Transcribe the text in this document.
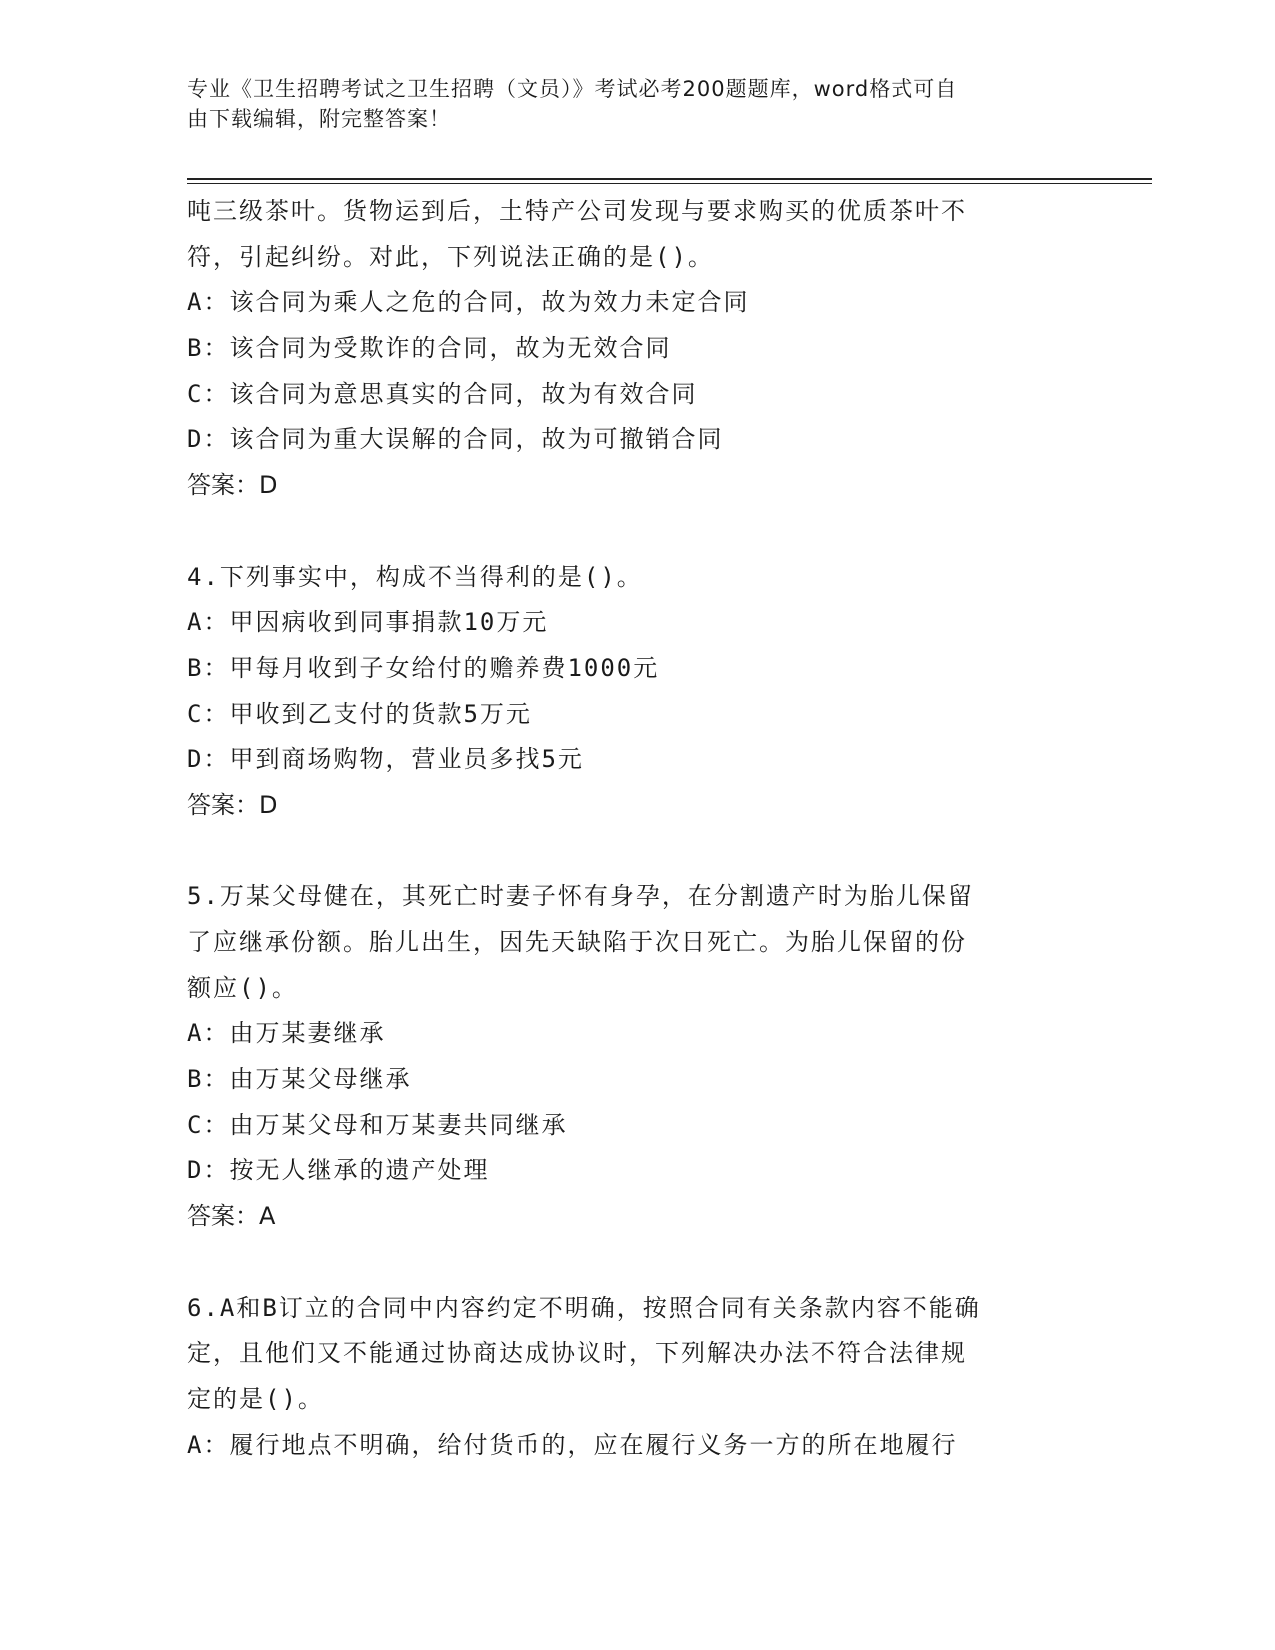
专业《卫生招聘考试之卫生招聘（文员）》考试必考200题题库，word格式可自
由下载编辑，附完整答案！
吨三级茶叶。货物运到后，土特产公司发现与要求购买的优质茶叶不
符，引起纠纷。对此，下列说法正确的是()。
A：该合同为乘人之危的合同，故为效力未定合同
B：该合同为受欺诈的合同，故为无效合同
C：该合同为意思真实的合同，故为有效合同
D：该合同为重大误解的合同，故为可撤销合同
答案：D
4.下列事实中，构成不当得利的是()。
A：甲因病收到同事捐款10万元
B：甲每月收到子女给付的赡养费1000元
C：甲收到乙支付的货款5万元
D：甲到商场购物，营业员多找5元
答案：D
5.万某父母健在，其死亡时妻子怀有身孕，在分割遗产时为胎儿保留
了应继承份额。胎儿出生，因先天缺陷于次日死亡。为胎儿保留的份
额应()。
A：由万某妻继承
B：由万某父母继承
C：由万某父母和万某妻共同继承
D：按无人继承的遗产处理
答案：A
6.A和B订立的合同中内容约定不明确，按照合同有关条款内容不能确
定，且他们又不能通过协商达成协议时，下列解决办法不符合法律规
定的是()。
A：履行地点不明确，给付货币的，应在履行义务一方的所在地履行
